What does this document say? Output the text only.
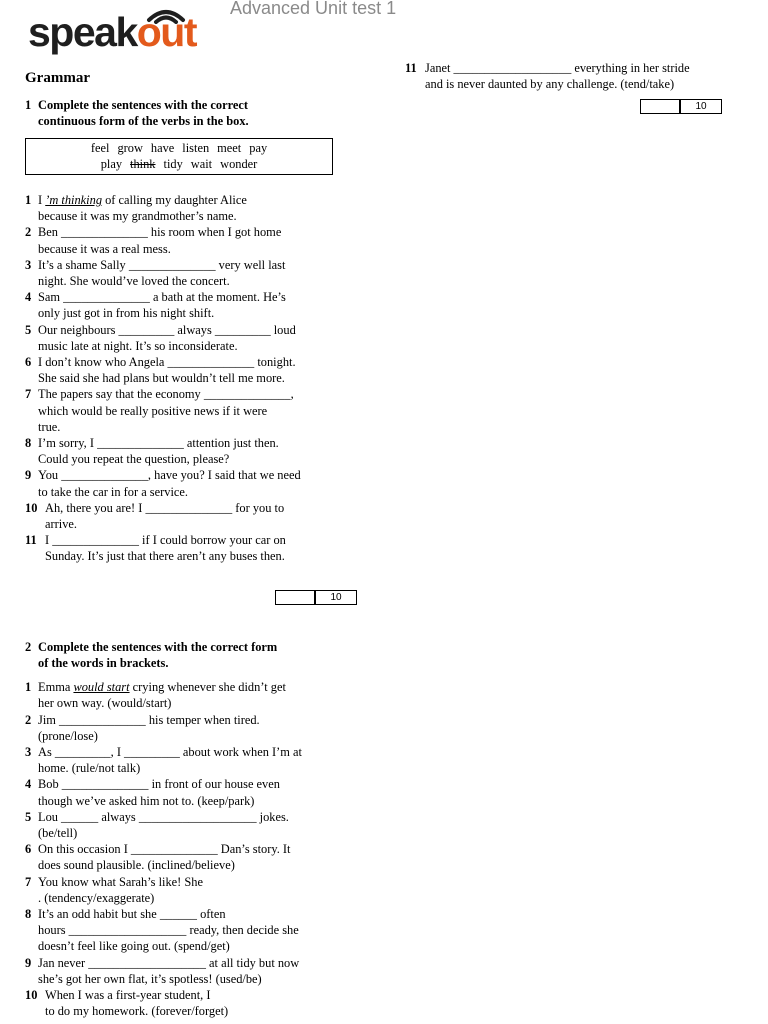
speakout
Advanced Unit test 1
Grammar
1 Complete the sentences with the correct
continuous form of the verbs in the box.
feel grow have listen meet pay
play think tidy wait wonder
1 I ’m thinking of calling my daughter Alice
because it was my grandmother’s name.
2 Ben ______________ his room when I got home
because it was a real mess.
3 It’s a shame Sally ______________ very well last
night. She would’ve loved the concert.
4 Sam ______________ a bath at the moment. He’s
only just got in from his night shift.
5 Our neighbours _________ always _________ loud
music late at night. It’s so inconsiderate.
6 I don’t know who Angela ______________ tonight.
She said she had plans but wouldn’t tell me more.
7 The papers say that the economy ______________,
which would be really positive news if it were
true.
8 I’m sorry, I ______________ attention just then.
Could you repeat the question, please?
9 You ______________, have you? I said that we need
to take the car in for a service.
10 Ah, there you are! I ______________ for you to
arrive.
11 I ______________ if I could borrow your car on
Sunday. It’s just that there aren’t any buses then.
10
2 Complete the sentences with the correct form
of the words in brackets.
1 Emma would start crying whenever she didn’t get
her own way. (would/start)
2 Jim ______________ his temper when tired.
(prone/lose)
3 As _________, I _________ about work when I’m at
home. (rule/not talk)
4 Bob ______________ in front of our house even
though we’ve asked him not to. (keep/park)
5 Lou ______ always ___________________ jokes.
(be/tell)
6 On this occasion I ______________ Dan’s story. It
does sound plausible. (inclined/believe)
7 You know what Sarah’s like! She
. (tendency/exaggerate)
8 It’s an odd habit but she ______ often
hours ___________________ ready, then decide she
doesn’t feel like going out. (spend/get)
9 Jan never ___________________ at all tidy but now
she’s got her own flat, it’s spotless! (used/be)
10 When I was a first-year student, I
to do my homework. (forever/forget)
11 Janet ___________________ everything in her stride
and is never daunted by any challenge. (tend/take)
10
